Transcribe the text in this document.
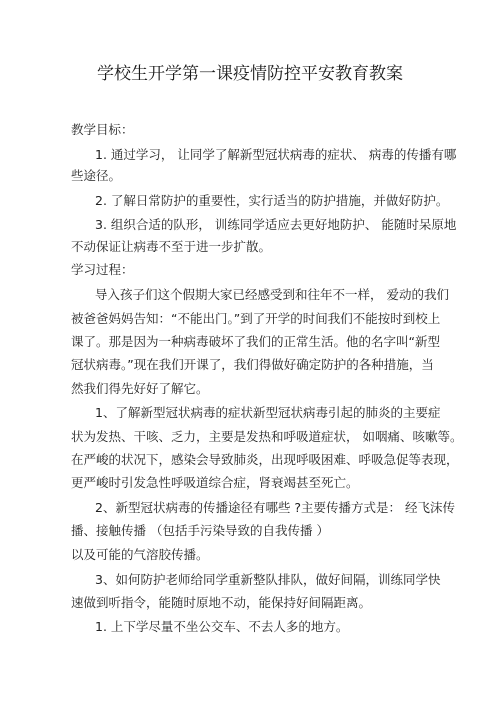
学校生开学第一课疫情防控平安教育教案
教学目标：
1. 通过学习， 让同学了解新型冠状病毒的症状、 病毒的传播有哪
些途径。
2. 了解日常防护的重要性，实行适当的防护措施，并做好防护。
3. 组织合适的队形， 训练同学适应去更好地防护、 能随时呆原地
不动保证让病毒不至于进一步扩散。
学习过程：
导入孩子们这个假期大家已经感受到和往年不一样， 爱动的我们
被爸爸妈妈告知：“不能出门。”到了开学的时间我们不能按时到校上
课了。那是因为一种病毒破坏了我们的正常生活。他的名字叫“新型
冠状病毒。”现在我们开课了，我们得做好确定防护的各种措施，当
然我们得先好好了解它。
1、了解新型冠状病毒的症状新型冠状病毒引起的肺炎的主要症
状为发热、干咳、乏力，主要是发热和呼吸道症状， 如咽痛、咳嗽等。
在严峻的状况下，感染会导致肺炎，出现呼吸困难、呼吸急促等表现，
更严峻时引发急性呼吸道综合症，肾衰竭甚至死亡。
2、新型冠状病毒的传播途径有哪些 ?主要传播方式是： 经飞沫传
播、接触传播 （包括手污染导致的自我传播 ）
以及可能的气溶胶传播。
3、如何防护老师给同学重新整队排队，做好间隔，训练同学快
速做到听指令，能随时原地不动，能保持好间隔距离。
1. 上下学尽量不坐公交车、不去人多的地方。
